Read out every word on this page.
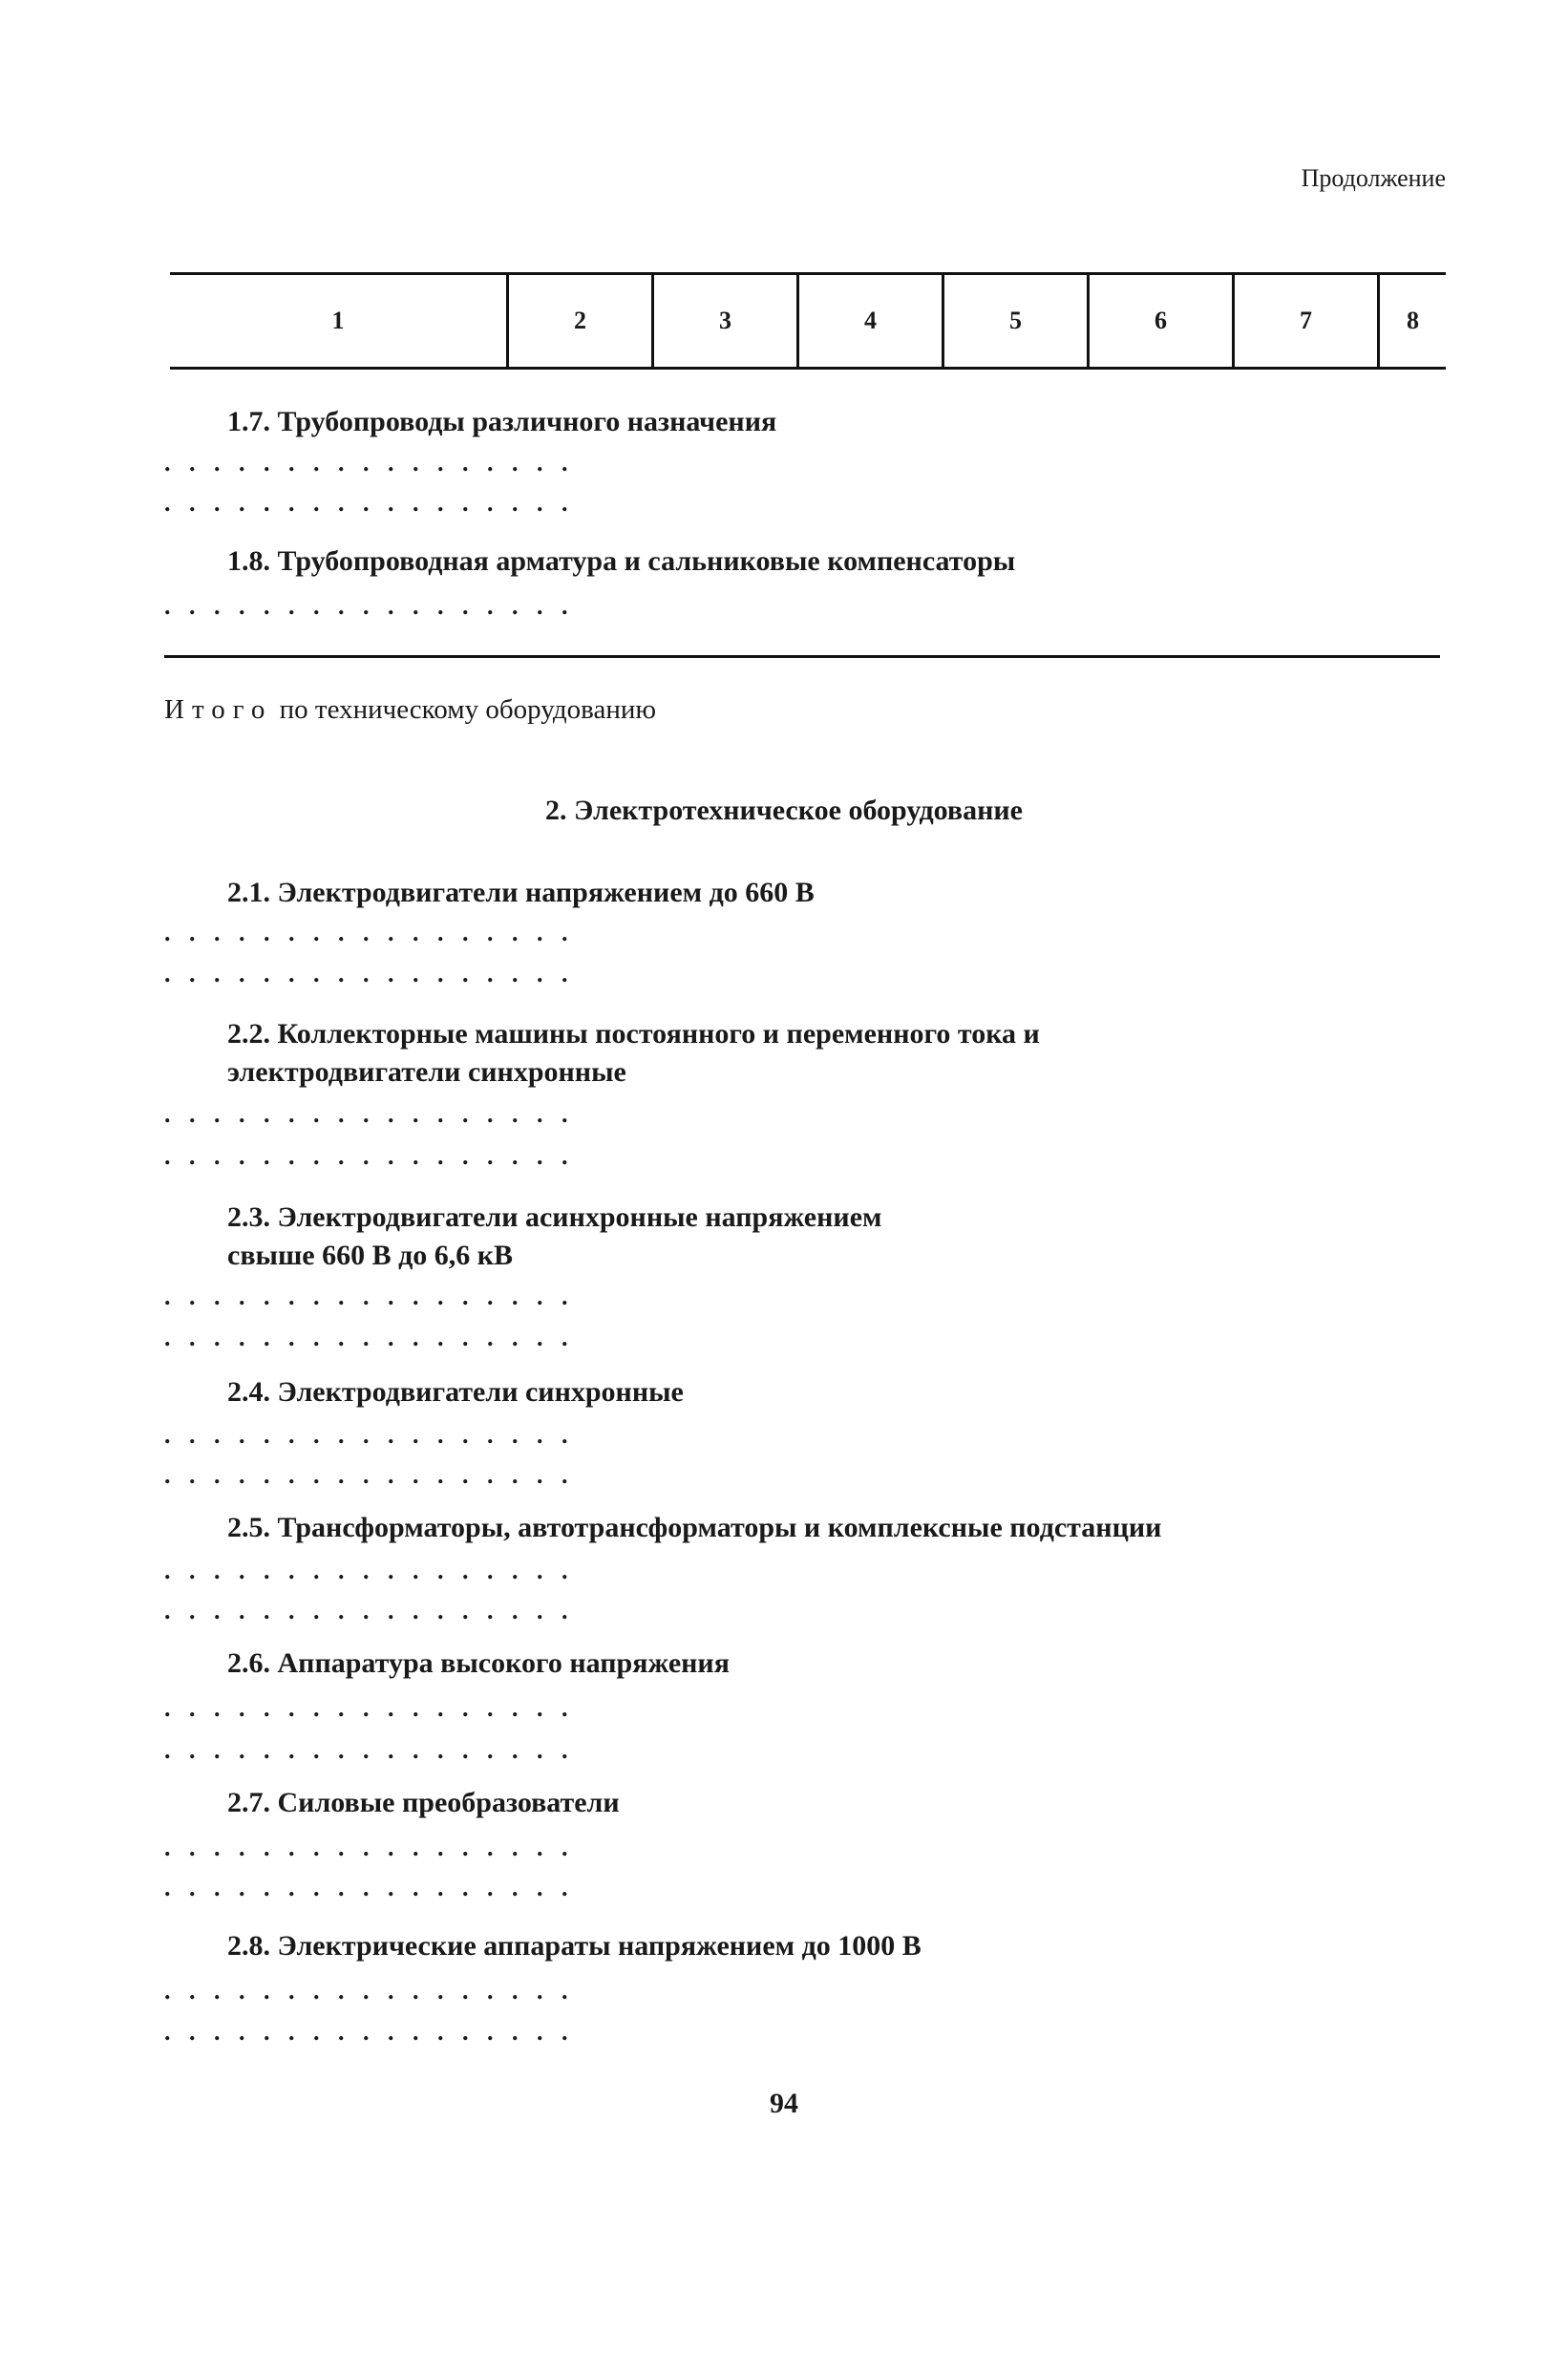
Продолжение
1	2	3	4	5	6	7	8
1.7. Трубопроводы различного назначения
. . . . . . . . . . . . . . . . .
. . . . . . . . . . . . . . . . .
1.8. Трубопроводная арматура и сальниковые компенсаторы
. . . . . . . . . . . . . . . . .
Итого по техническому оборудованию
2. Электротехническое оборудование
2.1. Электродвигатели напряжением до 660 В
. . . . . . . . . . . . . . . . .
. . . . . . . . . . . . . . . . .
2.2. Коллекторные машины постоянного и переменного тока и
электродвигатели синхронные
. . . . . . . . . . . . . . . . .
. . . . . . . . . . . . . . . . .
2.3. Электродвигатели асинхронные напряжением
свыше 660 В до 6,6 кВ
. . . . . . . . . . . . . . . . .
. . . . . . . . . . . . . . . . .
2.4. Электродвигатели синхронные
. . . . . . . . . . . . . . . . .
. . . . . . . . . . . . . . . . .
2.5. Трансформаторы, автотрансформаторы и комплексные подстанции
. . . . . . . . . . . . . . . . .
. . . . . . . . . . . . . . . . .
2.6. Аппаратура высокого напряжения
. . . . . . . . . . . . . . . . .
. . . . . . . . . . . . . . . . .
2.7. Силовые преобразователи
. . . . . . . . . . . . . . . . .
. . . . . . . . . . . . . . . . .
2.8. Электрические аппараты напряжением до 1000 В
. . . . . . . . . . . . . . . . .
. . . . . . . . . . . . . . . . .
94
